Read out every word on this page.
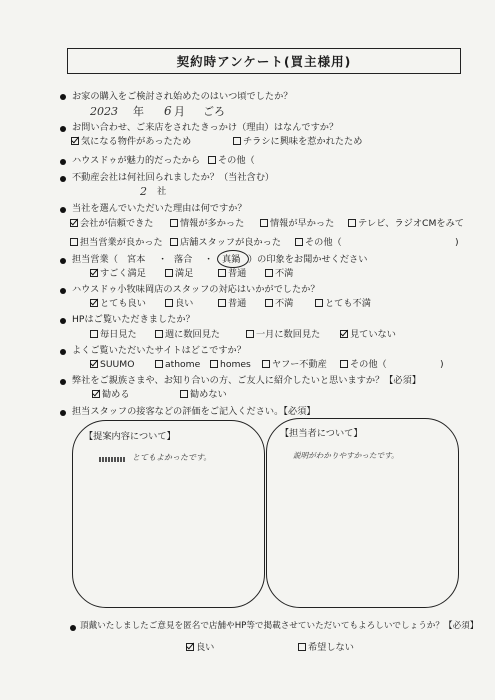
契約時アンケート(買主様用)
お家の購入をご検討され始めたのはいつ頃でしたか？
2023 年 6 月 ごろ
お問い合わせ、ご来店をされたきっかけ（理由）はなんですか？
気になる物件があったため	チラシに興味を惹かれたため
ハウスドゥが魅力的だったから	その他（
不動産会社は何社回られましたか？（当社含む）
2 社
当社を選んでいただいた理由は何ですか？
会社が信頼できた	情報が多かった	情報が早かった	テレビ、ラジオCMをみて
担当営業が良かった	店舗スタッフが良かった	その他（	)
担当営業（ 宮本 ・ 落合 ・ 真鍋 ）の印象をお聞かせください
すごく満足	満足	普通	不満
ハウスドゥ小牧味岡店のスタッフの対応はいかがでしたか？
とても良い	良い	普通	不満	とても不満
HPはご覧いただきましたか？
毎日見た	週に数回見た	一月に数回見た	見ていない
よくご覧いただいたサイトはどこですか？
SUUMO	athome	homes	ヤフー不動産	その他（	)
弊社をご親族さまや、お知り合いの方、ご友人に紹介したいと思いますか？【必須】
勧める	勧めない
担当スタッフの接客などの評価をご記入ください。【必須】
【提案内容について】
とてもよかったです。
【担当者について】
説明がわかりやすかったです。
頂戴いたしましたご意見を匿名で店舗やHP等で掲載させていただいてもよろしいでしょうか？【必須】
良い	希望しない
